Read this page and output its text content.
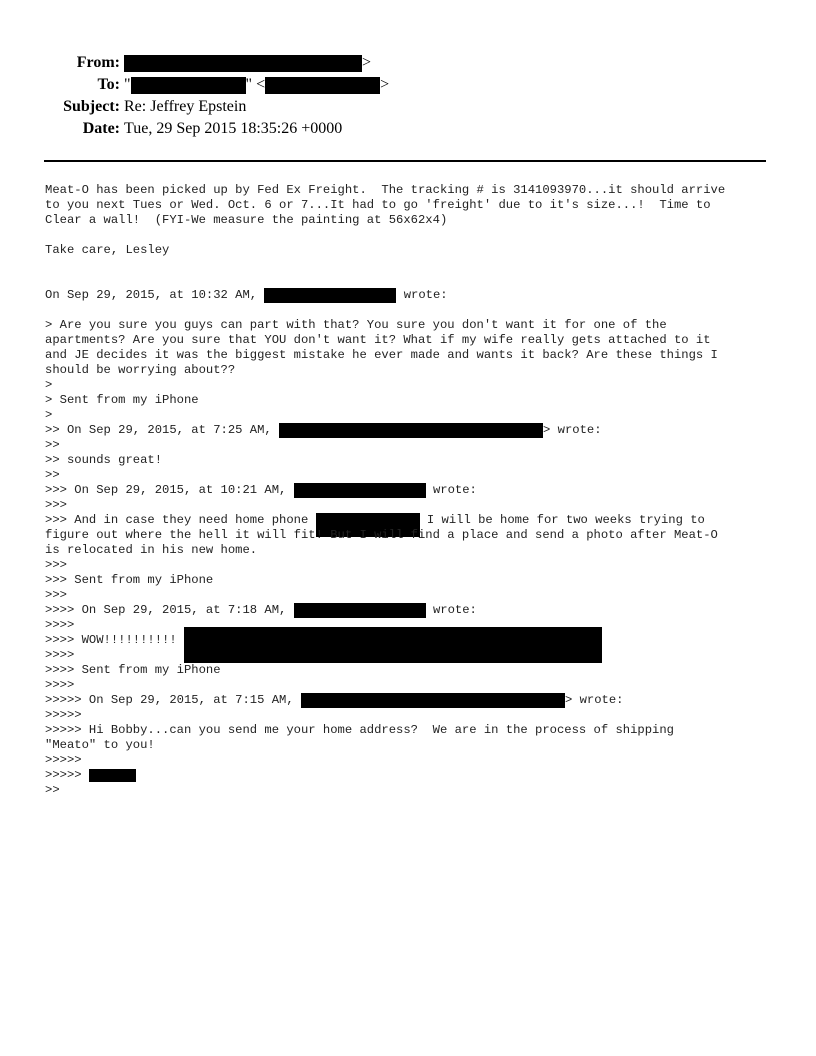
From:	>
To: "	" <	>
Subject: Re: Jeffrey Epstein
Date: Tue, 29 Sep 2015 18:35:26 +0000
Meat-O has been picked up by Fed Ex Freight.  The tracking # is 3141093970...it should arrive
to you next Tues or Wed. Oct. 6 or 7...It had to go 'freight' due to it's size...!  Time to
Clear a wall!  (FYI-We measure the painting at 56x62x4)
Take care, Lesley
On Sep 29, 2015, at 10:32 AM,	wrote:
> Are you sure you guys can part with that? You sure you don't want it for one of the
apartments? Are you sure that YOU don't want it? What if my wife really gets attached to it
and JE decides it was the biggest mistake he ever made and wants it back? Are these things I
should be worrying about??
>
> Sent from my iPhone
>
>> On Sep 29, 2015, at 7:25 AM,	> wrote:
>>
>> sounds great!
>>
>>> On Sep 29, 2015, at 10:21 AM,	wrote:
>>>
>>> And in case they need home phone	I will be home for two weeks trying to
figure out where the hell it will fit! But I will find a place and send a photo after Meat-O
is relocated in his new home.
>>>
>>> Sent from my iPhone
>>>
>>>> On Sep 29, 2015, at 7:18 AM,	wrote:
>>>>
>>>> WOW!!!!!!!!!!
>>>>
>>>> Sent from my iPhone
>>>>
>>>>> On Sep 29, 2015, at 7:15 AM,	> wrote:
>>>>>
>>>>> Hi Bobby...can you send me your home address?  We are in the process of shipping
"Meato" to you!
>>>>>
>>>>>
>>
